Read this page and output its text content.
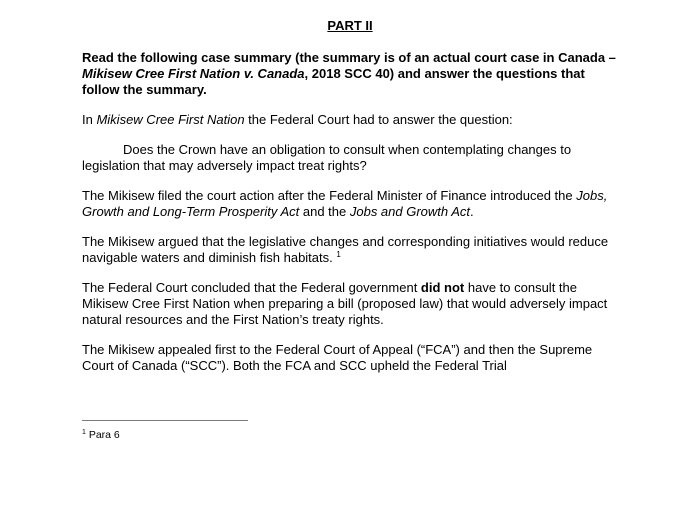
PART II

Read the following case summary (the summary is of an actual court case in Canada – Mikisew Cree First Nation v. Canada, 2018 SCC 40) and answer the questions that follow the summary.

In Mikisew Cree First Nation the Federal Court had to answer the question:

Does the Crown have an obligation to consult when contemplating changes to legislation that may adversely impact treat rights?

The Mikisew filed the court action after the Federal Minister of Finance introduced the Jobs, Growth and Long-Term Prosperity Act and the Jobs and Growth Act.

The Mikisew argued that the legislative changes and corresponding initiatives would reduce navigable waters and diminish fish habitats. $^1$

The Federal Court concluded that the Federal government did not have to consult the Mikisew Cree First Nation when preparing a bill (proposed law) that would adversely impact natural resources and the First Nation’s treaty rights.

The Mikisew appealed first to the Federal Court of Appeal (“FCA”) and then the Supreme Court of Canada (“SCC”). Both the FCA and SCC upheld the Federal Trial

$^1$ Para 6
